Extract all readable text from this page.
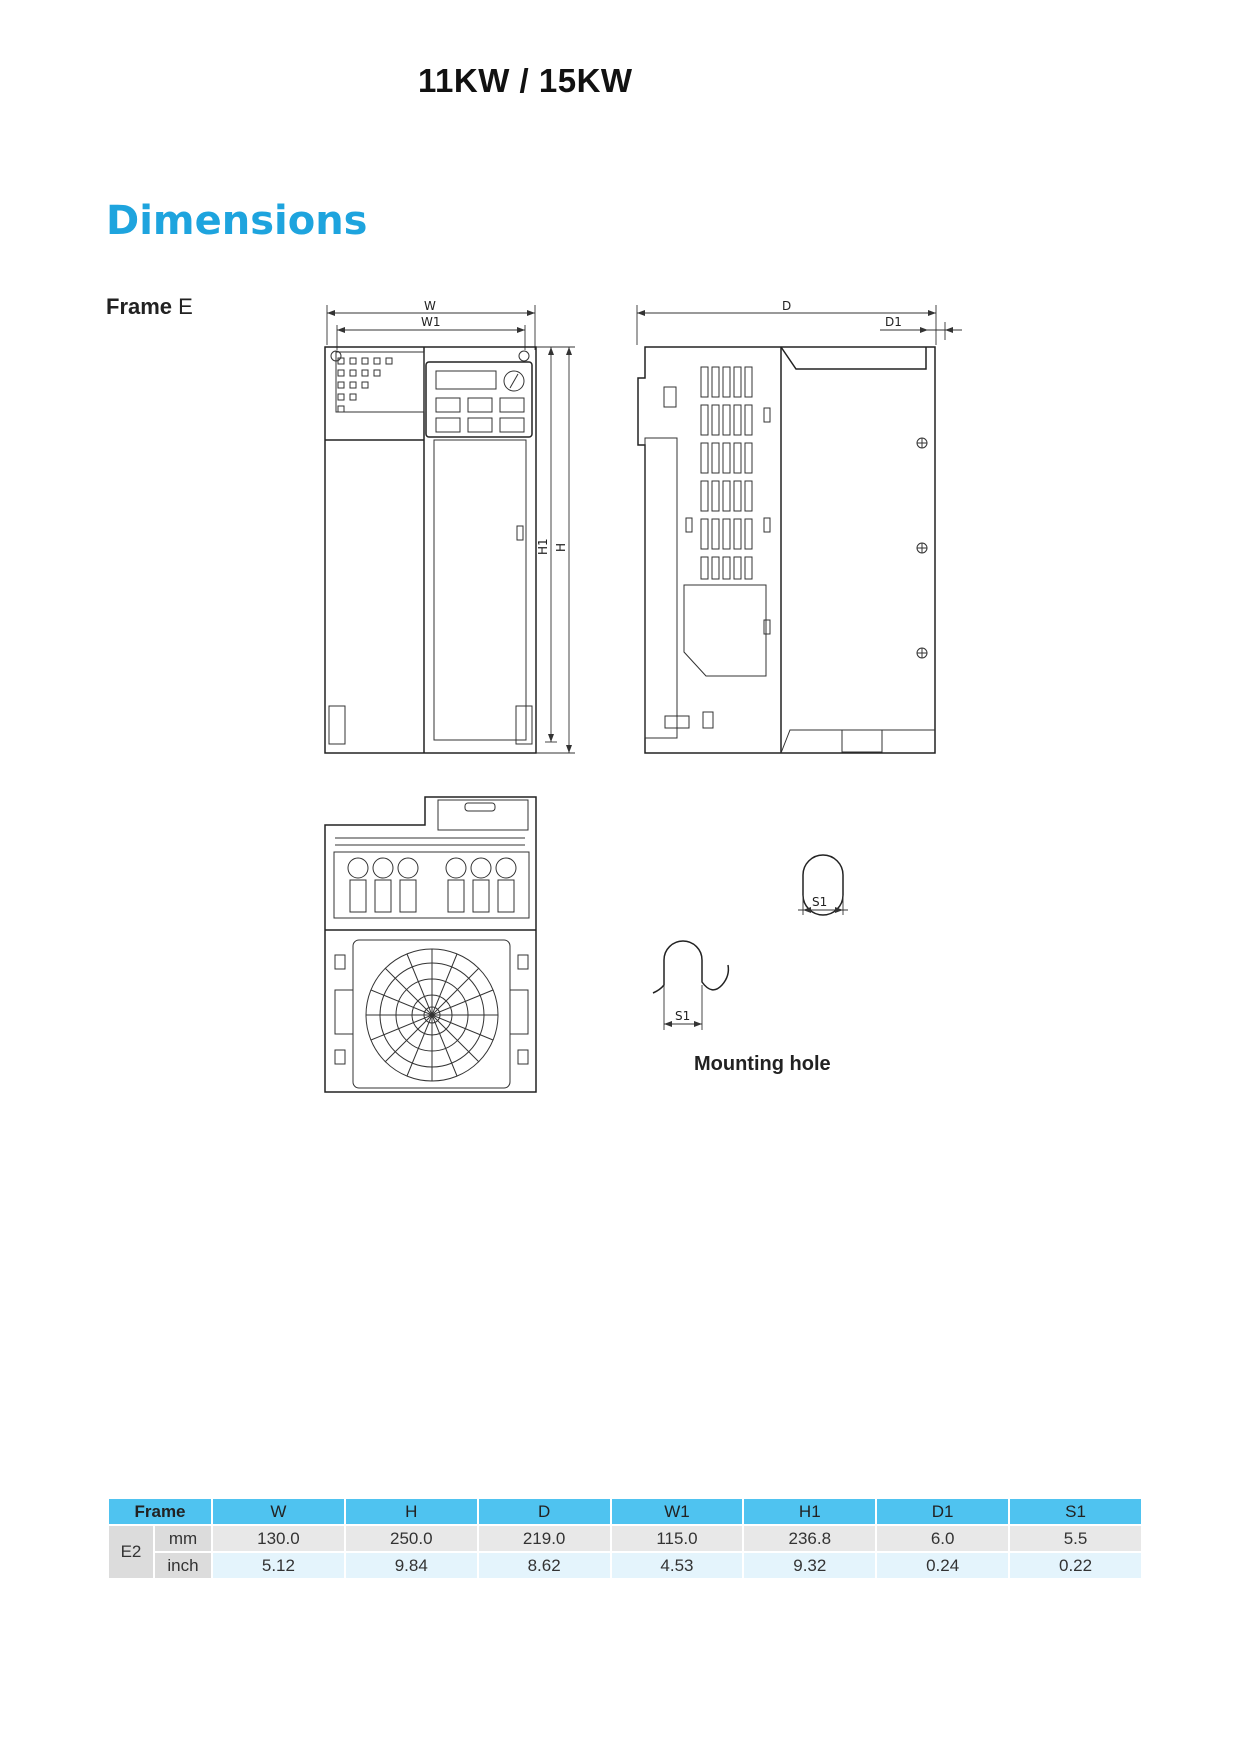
11KW / 15KW
Dimensions
Frame E	W
W1
H1 H
D
D1
S1
S1
Mounting hole
Frame		W	H	D	W1	H1	D1	S1
E2	mm	130.0	250.0	219.0	115.0	236.8	6.0	5.5
	inch	5.12	9.84	8.62	4.53	9.32	0.24	0.22
